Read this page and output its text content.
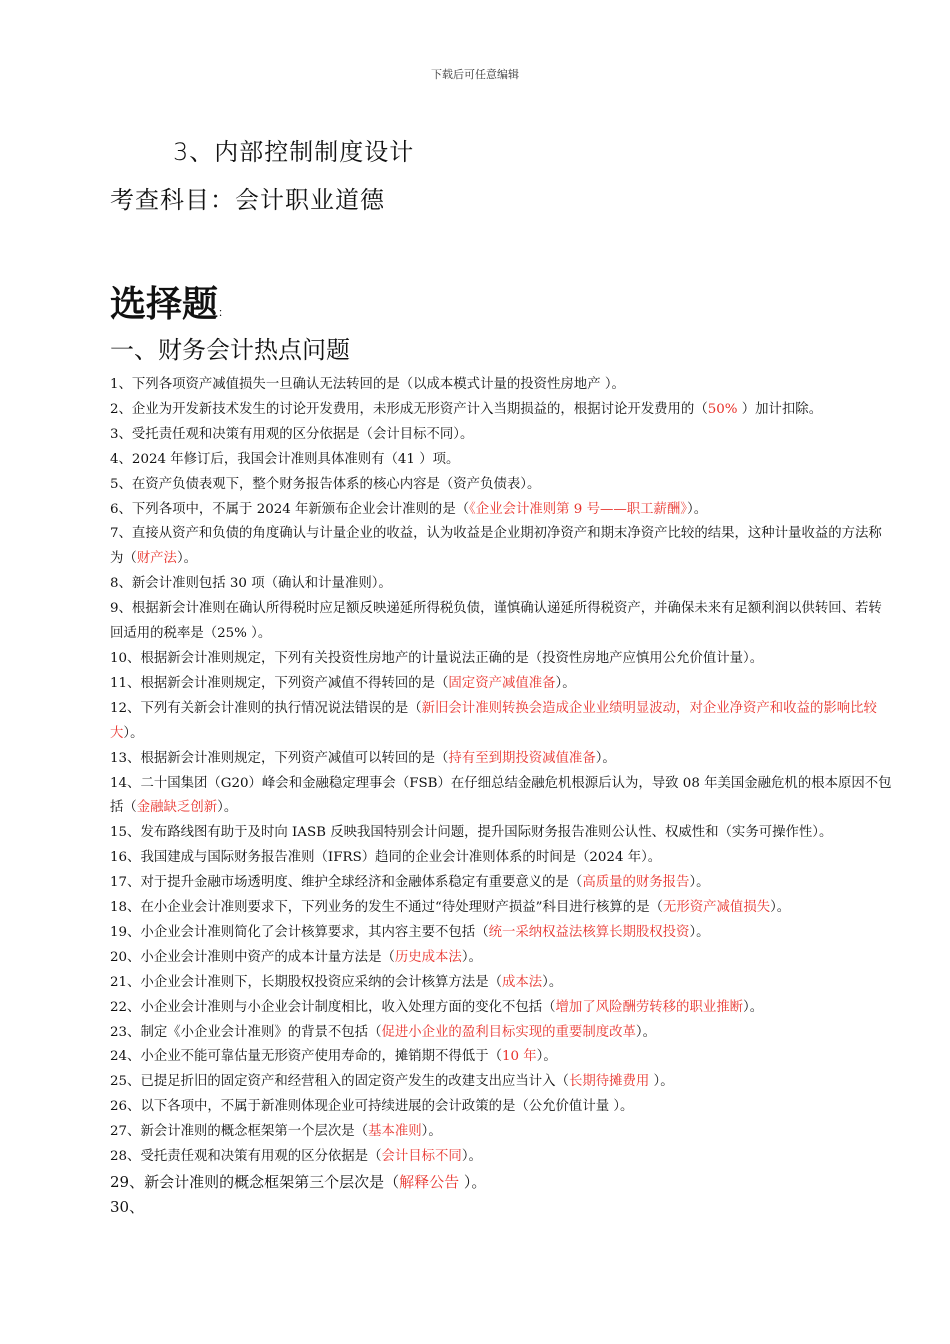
下载后可任意编辑
3、内部控制制度设计
考查科目：会计职业道德
选择题：
一、财务会计热点问题

1、下列各项资产减值损失一旦确认无法转回的是（以成本模式计量的投资性房地产 ）。

2、企业为开发新技术发生的讨论开发费用，未形成无形资产计入当期损益的，根据讨论开发费用的（50% ）加计扣除。

3、受托责任观和决策有用观的区分依据是（会计目标不同）。

4、2024 年修订后，我国会计准则具体准则有（41 ）项。

5、在资产负债表观下，整个财务报告体系的核心内容是（资产负债表）。

6、下列各项中，不属于 2024 年新颁布企业会计准则的是（《企业会计准则第 9 号——职工薪酬》）。

7、直接从资产和负债的角度确认与计量企业的收益，认为收益是企业期初净资产和期末净资产比较的结果，这种计量收益的方法称为（财产法）。

8、新会计准则包括 30 项（确认和计量准则）。

9、根据新会计准则在确认所得税时应足额反映递延所得税负债，谨慎确认递延所得税资产，并确保未来有足额利润以供转回、若转回适用的税率是（25% ）。

10、根据新会计准则规定，下列有关投资性房地产的计量说法正确的是（投资性房地产应慎用公允价值计量）。

11、根据新会计准则规定，下列资产减值不得转回的是（固定资产减值准备）。

12、下列有关新会计准则的执行情况说法错误的是（新旧会计准则转换会造成企业业绩明显波动，对企业净资产和收益的影响比较大）。

13、根据新会计准则规定，下列资产减值可以转回的是（持有至到期投资减值准备）。

14、二十国集团（G20）峰会和金融稳定理事会（FSB）在仔细总结金融危机根源后认为，导致 08 年美国金融危机的根本原因不包括（金融缺乏创新）。

15、发布路线图有助于及时向 IASB 反映我国特别会计问题，提升国际财务报告准则公认性、权威性和（实务可操作性）。

16、我国建成与国际财务报告准则（IFRS）趋同的企业会计准则体系的时间是（2024 年）。

17、对于提升金融市场透明度、维护全球经济和金融体系稳定有重要意义的是（高质量的财务报告）。

18、在小企业会计准则要求下，下列业务的发生不通过“待处理财产损益”科目进行核算的是（无形资产减值损失）。

19、小企业会计准则简化了会计核算要求，其内容主要不包括（统一采纳权益法核算长期股权投资）。

20、小企业会计准则中资产的成本计量方法是（历史成本法）。

21、小企业会计准则下，长期股权投资应采纳的会计核算方法是（成本法）。

22、小企业会计准则与小企业会计制度相比，收入处理方面的变化不包括（增加了风险酬劳转移的职业推断）。

23、制定《小企业会计准则》的背景不包括（促进小企业的盈利目标实现的重要制度改革）。

24、小企业不能可靠估量无形资产使用寿命的，摊销期不得低于（10 年）。

25、已提足折旧的固定资产和经营租入的固定资产发生的改建支出应当计入（长期待摊费用 ）。

26、以下各项中，不属于新准则体现企业可持续进展的会计政策的是（公允价值计量 ）。

27、新会计准则的概念框架第一个层次是（基本准则）。

28、受托责任观和决策有用观的区分依据是（会计目标不同）。

29、新会计准则的概念框架第三个层次是（解释公告 ）。

30、
